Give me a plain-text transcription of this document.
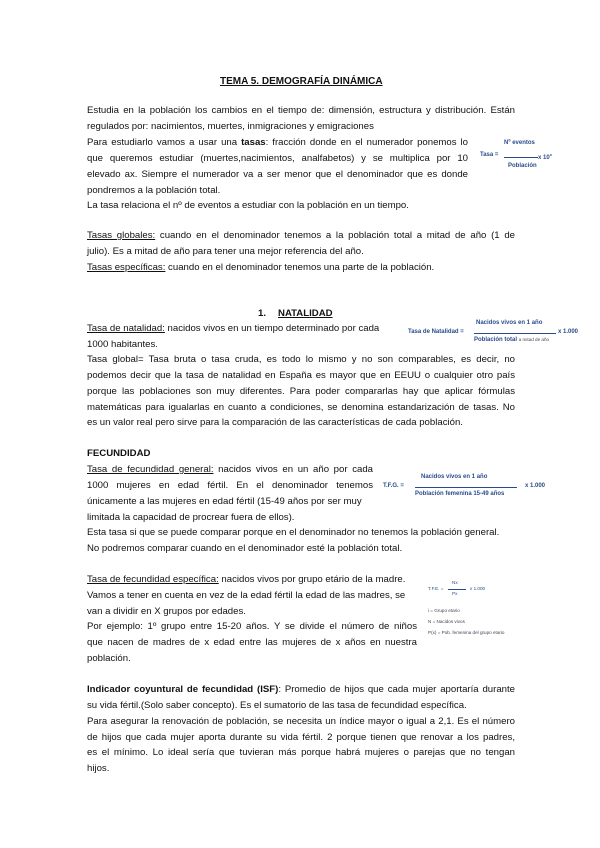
TEMA 5. DEMOGRAFÍA DINÁMICA
Estudia en la población los cambios en el tiempo de: dimensión, estructura y distribución. Están
regulados por: nacimientos, muertes, inmigraciones y emigraciones
Para estudiarlo vamos a usar una tasas: fracción donde en el numerador ponemos lo
que queremos estudiar (muertes,nacimientos, analfabetos) y se multiplica por 10
elevado ax. Siempre el numerador va a ser menor que el denominador que es donde
pondremos a la población total.
La tasa relaciona el nº de eventos a estudiar con la población en un tiempo.
Nº eventos
Tasa =	x 10$^x$
Población
Tasas globales: cuando en el denominador tenemos a la población total a mitad de año (1 de
julio). Es a mitad de año para tener una mejor referencia del año.
Tasas específicas: cuando en el denominador tenemos una parte de la población.
1. NATALIDAD
Tasa de natalidad: nacidos vivos en un tiempo determinado por cada
1000 habitantes.
Nacidos vivos en 1 año
Tasa de Natalidad =	x 1.000
Población total a mitad de año
Tasa global= Tasa bruta o tasa cruda, es todo lo mismo y no son comparables, es decir, no
podemos decir que la tasa de natalidad en España es mayor que en EEUU o cualquier otro país
porque las poblaciones son muy diferentes. Para poder compararlas hay que aplicar fórmulas
matemáticas para igualarlas en cuanto a condiciones, se denomina estandarización de tasas. No
es un valor real pero sirve para la comparación de las características de cada población.
FECUNDIDAD
Tasa de fecundidad general: nacidos vivos en un año por cada
1000 mujeres en edad fértil. En el denominador tenemos
únicamente a las mujeres en edad fértil (15-49 años por ser muy
limitada la capacidad de procrear fuera de ellos).
Esta tasa si que se puede comparar porque en el denominador no tenemos la población general.
No podremos comparar cuando en el denominador esté la población total.
Nacidos vivos en 1 año
T.F.G. =	x 1.000
Población femenina 15-49 años
Tasa de fecundidad específica: nacidos vivos por grupo etário de la madre.
Vamos a tener en cuenta en vez de la edad fértil la edad de las madres, se
van a dividir en X grupos por edades.
Por ejemplo: 1º grupo entre 15-20 años. Y se divide el número de niños
que nacen de madres de x edad entre las mujeres de x años en nuestra
población.
Nx
T.F.E. =	x 1.000
Px
i = Grupo etario
N = Nacidos vivos
P(x) = Pob. femenina del grupo etario
Indicador coyuntural de fecundidad (ISF): Promedio de hijos que cada mujer aportaría durante
su vida fértil.(Solo saber concepto). Es el sumatorio de las tasa de fecundidad específica.
Para asegurar la renovación de población, se necesita un índice mayor o igual a 2,1. Es el número
de hijos que cada mujer aporta durante su vida fértil. 2 porque tienen que renovar a los padres,
es el mínimo. Lo ideal sería que tuvieran más porque habrá mujeres o parejas que no tengan
hijos.
